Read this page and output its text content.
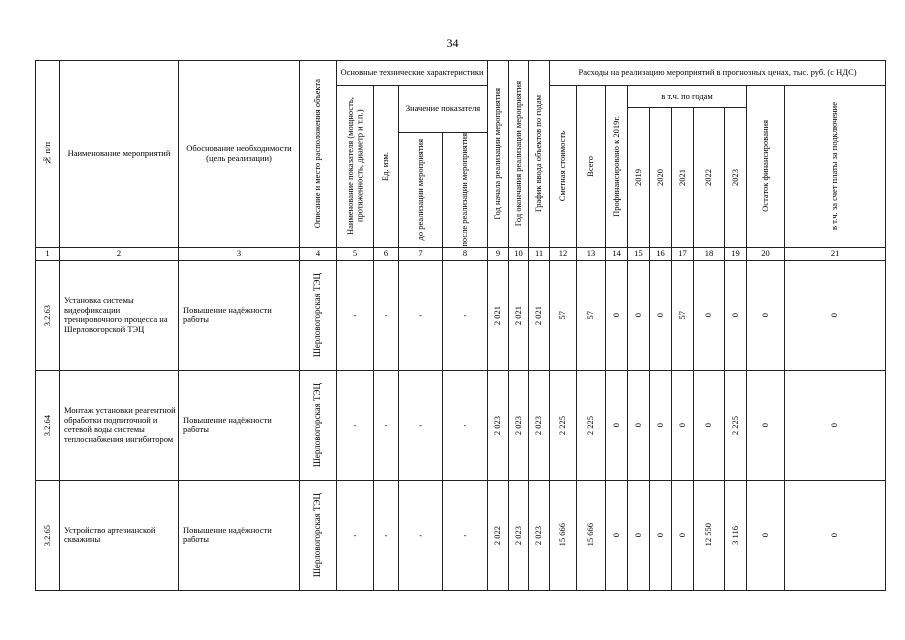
34
№ п/п	Наименование мероприятий	Обоснование необходимости (цель реализации)	Описание и место расположения объекта	Основные технические характеристики				Год начала реализации мероприятия	Год окончания реализации мероприятия	График ввода объектов по годам	Расходы на реализацию мероприятий в прогнозных ценах, тыс. руб. (с НДС)									

				Наименование показателя (мощность, протяженность, диаметр и т.п.)	Ед. изм.	Значение показателя					Сметная стоимость	Всего	Профинансировано к 2019г.	в т.ч. по годам					Остаток финансирования	в т.ч. за счет платы за подключение

														2019	2020	2021	2022	2023		

						до реализации мероприятия	после реализации мероприятия													

1	2	3	4	5	6	7	8	9	10	11	12	13	14	15	16	17	18	19	20	21

3.2.63	Установка системы видеофиксации тренировочного процесса на Шерловогорской ТЭЦ	Повышение надёжности работы	Шерловогорская ТЭЦ	-	-	-	-	2 021	2 021	2 021	57	57	0	0	0	57	0	0	0	0

3.2.64	Монтаж установки реагентной обработки подпиточной и сетевой воды системы теплоснабжения ингибитором	Повышение надёжности работы	Шерловогорская ТЭЦ	-	-	-	-	2 023	2 023	2 023	2 225	2 225	0	0	0	0	0	2 225	0	0

3.2.65	Устройство артезианской скважины	Повышение надёжности работы	Шерловогорская ТЭЦ	-	-	-	-	2 022	2 023	2 023	15 666	15 666	0	0	0	0	12 550	3 116	0	0
